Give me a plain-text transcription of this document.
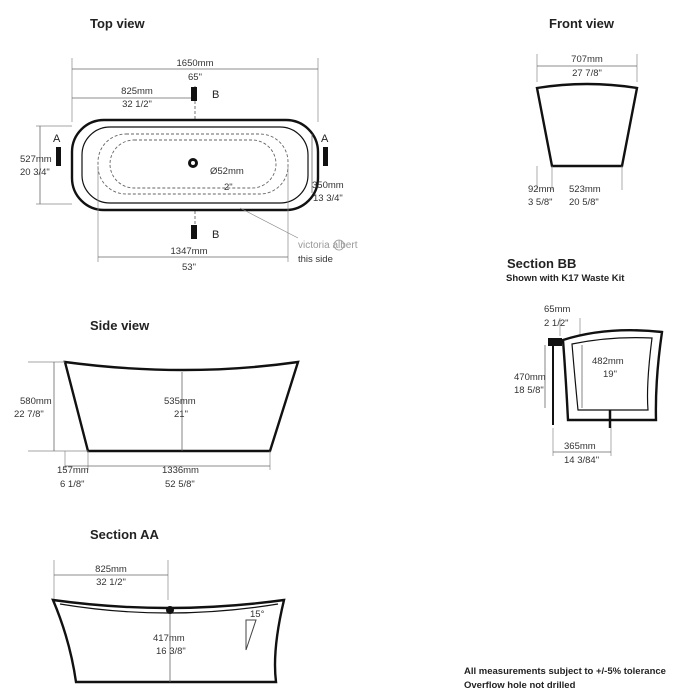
Top view
1650mm
65"
825mm
32 1/2"
B
B
Ø52mm
2"
A	A
527mm
20 3/4"
350mm
13 3/4"
1347mm
53"
victoria albert
this side
Front view
707mm
27 7/8"
92mm
3 5/8"
523mm
20 5/8"
Section BB
Shown with K17 Waste Kit
65mm
2 1/2"
482mm
19"
470mm
18 5/8"
365mm
14 3/84"
Side view
580mm
22 7/8"
535mm
21"
157mm
6 1/8"
1336mm
52 5/8"
Section AA
825mm
32 1/2"
417mm
16 3/8"
15°
All measurements subject to +/-5% tolerance
Overflow hole not drilled
